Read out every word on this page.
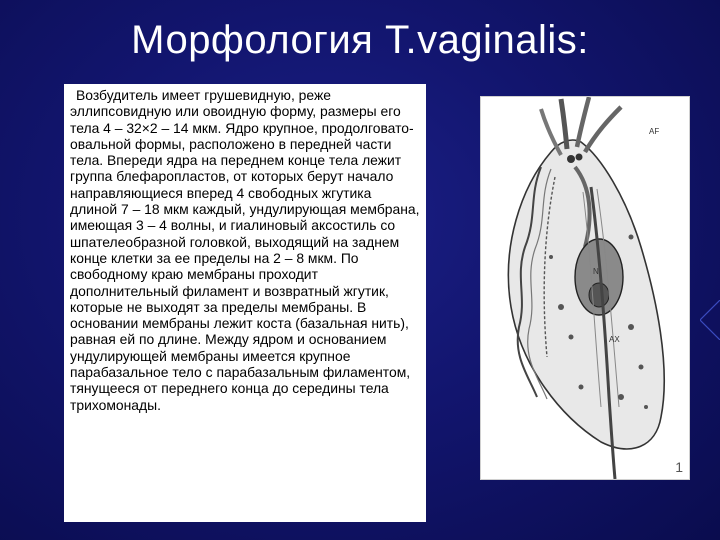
Морфология T.vaginalis:

Возбудитель имеет грушевидную, реже эллипсовидную или овоидную форму, размеры его тела 4 – 32×2 – 14 мкм. Ядро крупное, продолговато-овальной формы, расположено в передней части тела. Впереди ядра на переднем конце тела лежит группа блефаропластов, от которых берут начало направляющиеся вперед 4 свободных жгутика длиной 7 – 18 мкм каждый, ундулирующая мембрана, имеющая 3 – 4 волны, и гиалиновый аксостиль со шпателеобразной головкой, выходящий на заднем конце клетки за ее пределы на 2 – 8 мкм. По свободному краю мембраны проходит дополнительный филамент и возвратный жгутик, которые не выходят за пределы мембраны. В основании мембраны лежит коста (базальная нить), равная ей по длине. Между ядром и основанием ундулирующей мембраны имеется крупное парабазальное тело с парабазальным филаментом, тянущееся от переднего конца до середины тела трихомонады.

AF
N
AX
1
